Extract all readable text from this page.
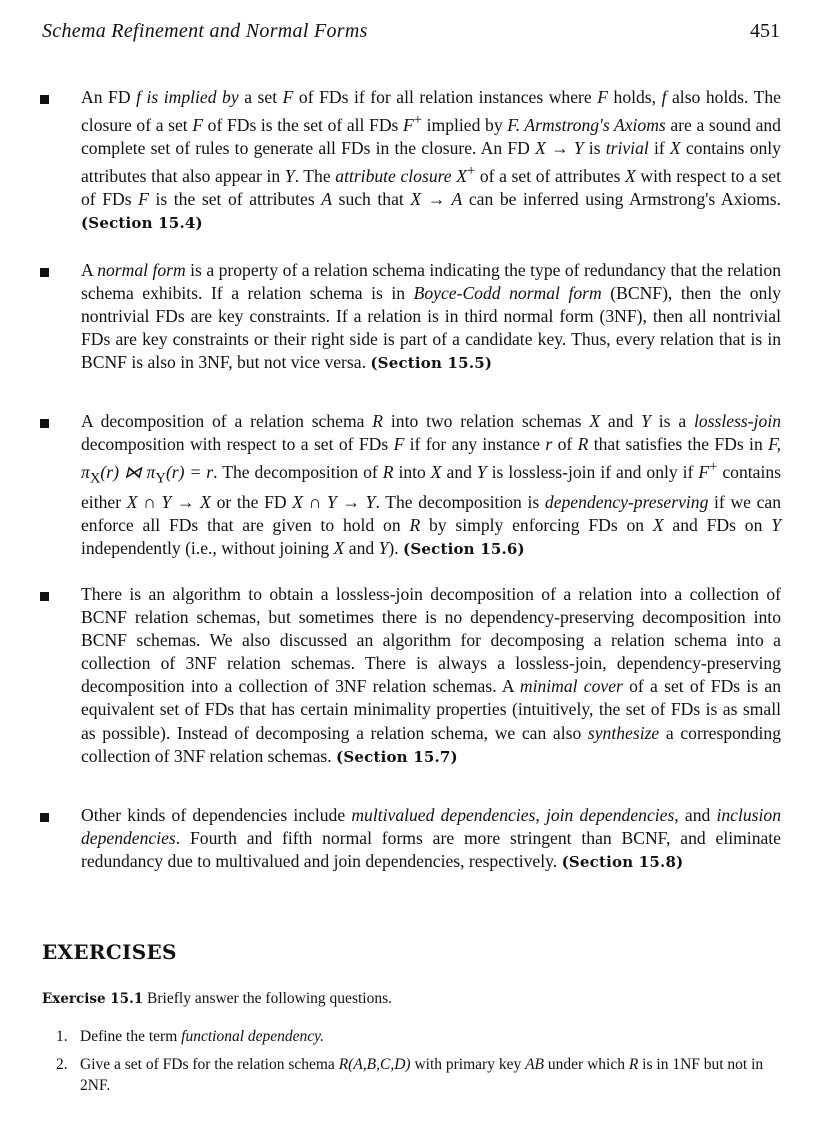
Schema Refinement and Normal Forms	451
An FD f is implied by a set F of FDs if for all relation instances where F holds, f also holds. The closure of a set F of FDs is the set of all FDs F+ implied by F. Armstrong's Axioms are a sound and complete set of rules to generate all FDs in the closure. An FD X → Y is trivial if X contains only attributes that also appear in Y. The attribute closure X+ of a set of attributes X with respect to a set of FDs F is the set of attributes A such that X → A can be inferred using Armstrong's Axioms. (Section 15.4)
A normal form is a property of a relation schema indicating the type of redundancy that the relation schema exhibits. If a relation schema is in Boyce-Codd normal form (BCNF), then the only nontrivial FDs are key constraints. If a relation is in third normal form (3NF), then all nontrivial FDs are key constraints or their right side is part of a candidate key. Thus, every relation that is in BCNF is also in 3NF, but not vice versa. (Section 15.5)
A decomposition of a relation schema R into two relation schemas X and Y is a lossless-join decomposition with respect to a set of FDs F if for any instance r of R that satisfies the FDs in F, $\pi_X(r)$ ⋈ $\pi_Y(r) = r$. The decomposition of R into X and Y is lossless-join if and only if F+ contains either X ∩ Y → X or the FD X ∩ Y → Y. The decomposition is dependency-preserving if we can enforce all FDs that are given to hold on R by simply enforcing FDs on X and FDs on Y independently (i.e., without joining X and Y). (Section 15.6)
There is an algorithm to obtain a lossless-join decomposition of a relation into a collection of BCNF relation schemas, but sometimes there is no dependency-preserving decomposition into BCNF schemas. We also discussed an algorithm for decomposing a relation schema into a collection of 3NF relation schemas. There is always a lossless-join, dependency-preserving decomposition into a collection of 3NF relation schemas. A minimal cover of a set of FDs is an equivalent set of FDs that has certain minimality properties (intuitively, the set of FDs is as small as possible). Instead of decomposing a relation schema, we can also synthesize a corresponding collection of 3NF relation schemas. (Section 15.7)
Other kinds of dependencies include multivalued dependencies, join dependencies, and inclusion dependencies. Fourth and fifth normal forms are more stringent than BCNF, and eliminate redundancy due to multivalued and join dependencies, respectively. (Section 15.8)
EXERCISES
Exercise 15.1 Briefly answer the following questions.
1. Define the term functional dependency.
2. Give a set of FDs for the relation schema R(A,B,C,D) with primary key AB under which R is in 1NF but not in 2NF.
